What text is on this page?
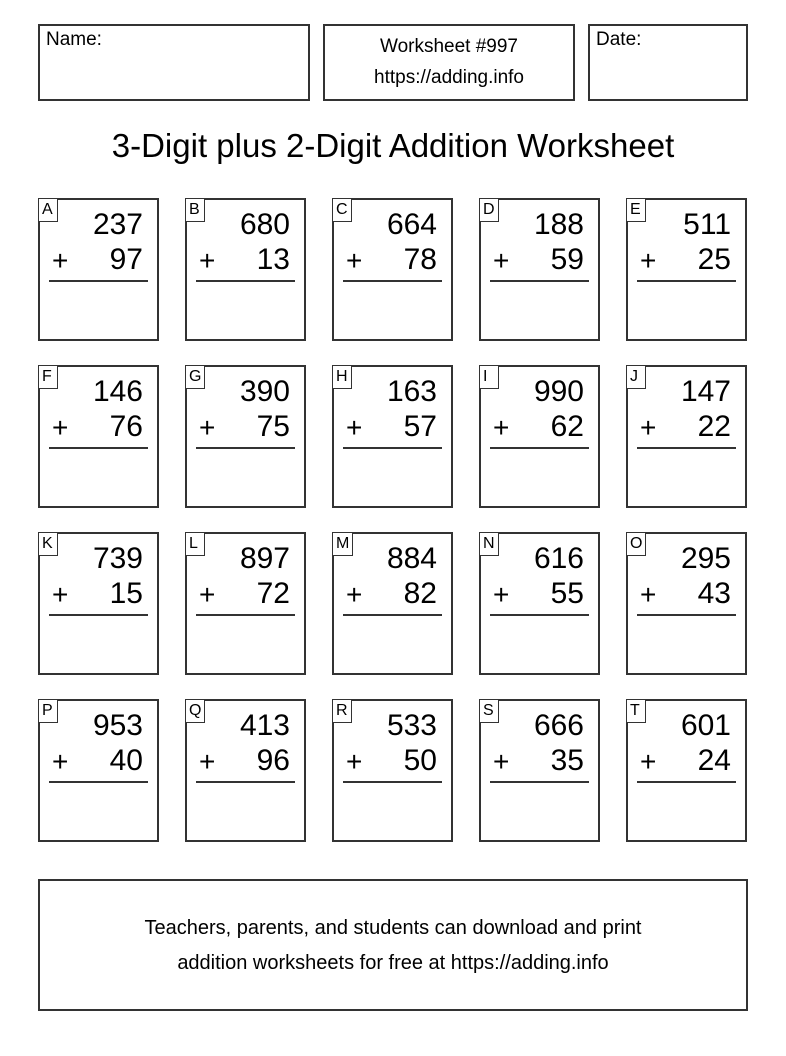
Name:	Worksheet #997
https://adding.info
Date:
3-Digit plus 2-Digit Addition Worksheet
A 237
+ 97
B 680
+ 13
C 664
+ 78
D 188
+ 59
E 511
+ 25
F 146
+ 76
G 390
+ 75
H 163
+ 57
I	990
+ 62
J 147
+ 22
K 739
+ 15
L 897
+ 72
M 884
+ 82
N 616
+ 55
O 295
+ 43
P 953
+ 40
Q 413
+ 96
R 533
+ 50
S 666
+ 35
T 601
+ 24
Teachers, parents, and students can download and print
addition worksheets for free at https://adding.info
